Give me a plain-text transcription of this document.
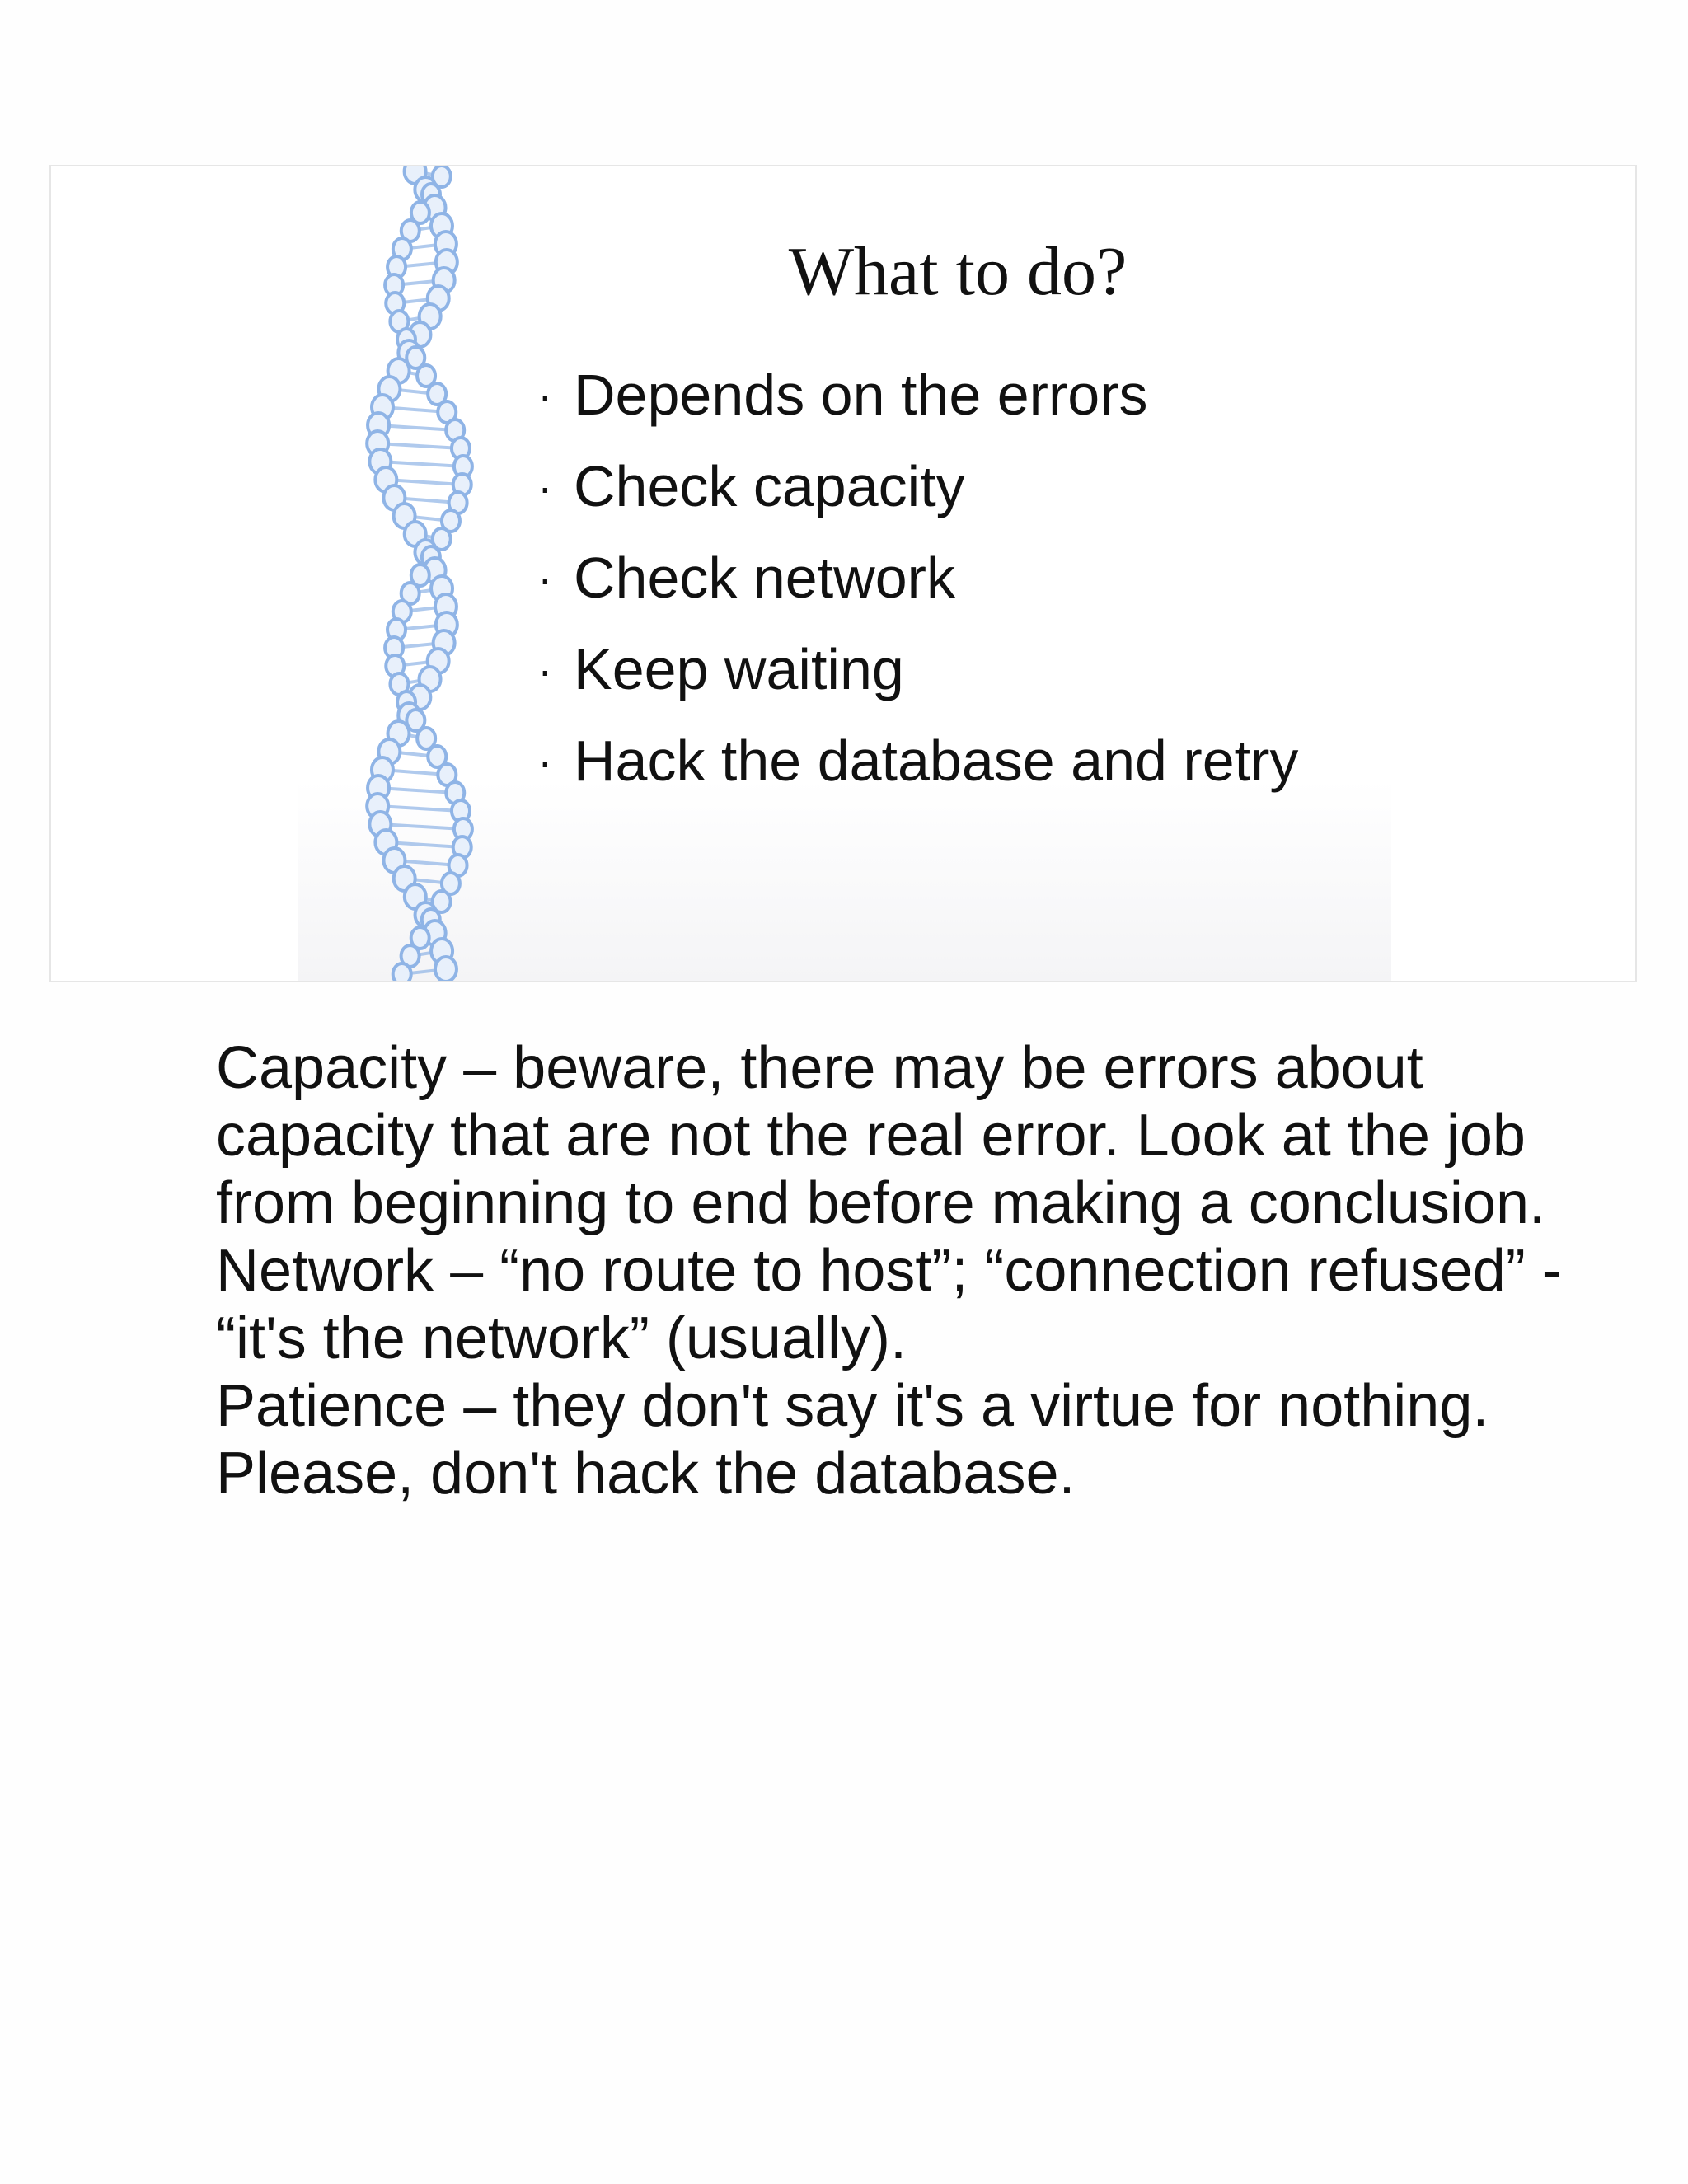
What to do?
· Depends on the errors
· Check capacity
· Check network
· Keep waiting
· Hack the database and retry

Capacity – beware, there may be errors about capacity that are not the real error. Look at the job from beginning to end before making a conclusion.

Network – “no route to host”; “connection refused” - “it's the network” (usually).

Patience – they don't say it's a virtue for nothing.

Please, don't hack the database.
